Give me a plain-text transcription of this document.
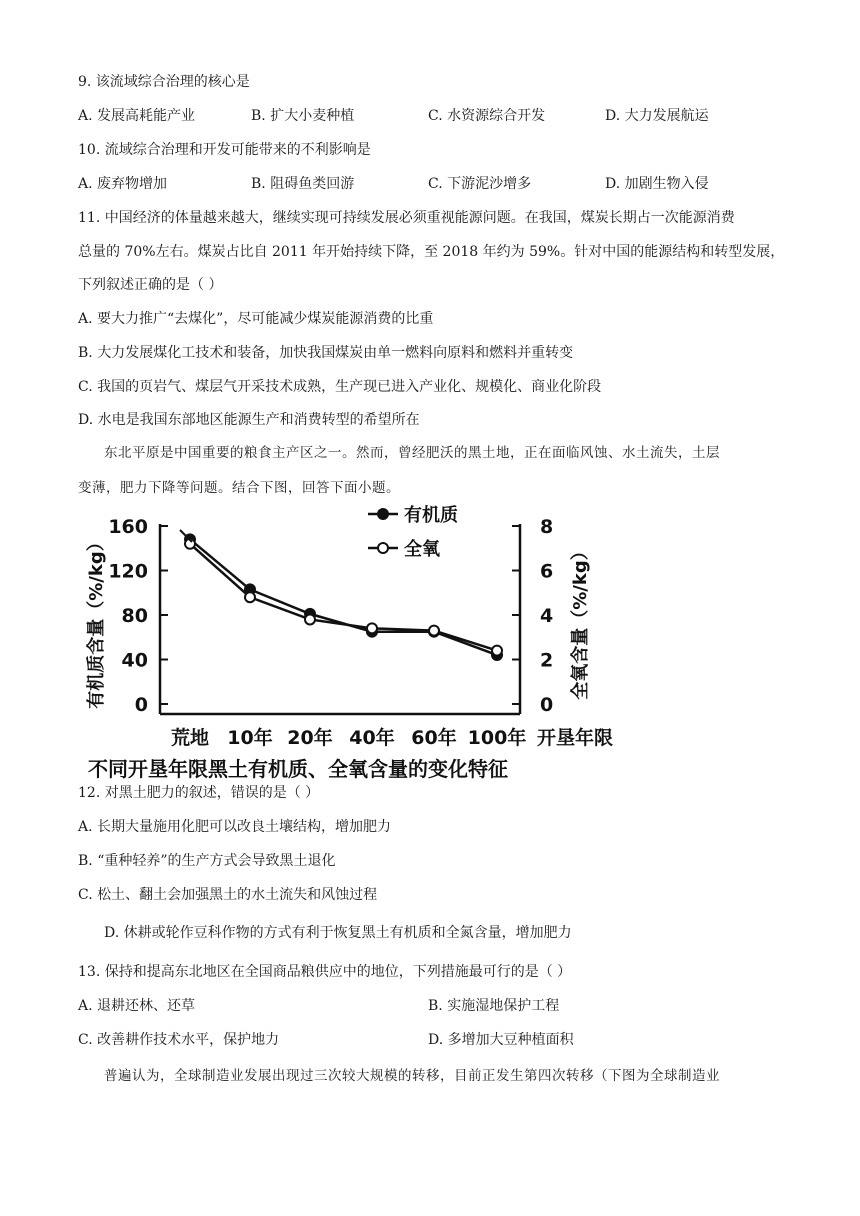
9. 该流域综合治理的核心是
A. 发展高耗能产业	B. 扩大小麦种植	C. 水资源综合开发	D. 大力发展航运
10. 流域综合治理和开发可能带来的不利影响是
A. 废弃物增加	B. 阻碍鱼类回游	C. 下游泥沙增多	D. 加剧生物入侵
11. 中国经济的体量越来越大，继续实现可持续发展必须重视能源问题。在我国，煤炭长期占一次能源消费
总量的 70%左右。煤炭占比自 2011 年开始持续下降，至 2018 年约为 59%。针对中国的能源结构和转型发展，
下列叙述正确的是（ ）
A. 要大力推广“去煤化”，尽可能减少煤炭能源消费的比重
B. 大力发展煤化工技术和装备，加快我国煤炭由单一燃料向原料和燃料并重转变
C. 我国的页岩气、煤层气开采技术成熟，生产现已进入产业化、规模化、商业化阶段
D. 水电是我国东部地区能源生产和消费转型的希望所在
东北平原是中国重要的粮食主产区之一。然而，曾经肥沃的黑土地，正在面临风蚀、水土流失，土层
变薄，肥力下降等问题。结合下图，回答下面小题。
0
40
80
120
160
0
2
4
6
8
荒地 10年 20年 40年 60年 100年 开垦年限
有机质含量（%/kg）	全氧含量（%/kg）
有机质
全氧
不同开垦年限黑土有机质、全氧含量的变化特征
12. 对黑土肥力的叙述，错误的是（ ）
A. 长期大量施用化肥可以改良土壤结构，增加肥力
B. “重种轻养”的生产方式会导致黑土退化
C. 松土、翻土会加强黑土的水土流失和风蚀过程
D. 休耕或轮作豆科作物的方式有利于恢复黑土有机质和全氮含量，增加肥力
13. 保持和提高东北地区在全国商品粮供应中的地位，下列措施最可行的是（ ）
A. 退耕还林、还草	B. 实施湿地保护工程
C. 改善耕作技术水平，保护地力	D. 多增加大豆种植面积
普遍认为，全球制造业发展出现过三次较大规模的转移，目前正发生第四次转移（下图为全球制造业
